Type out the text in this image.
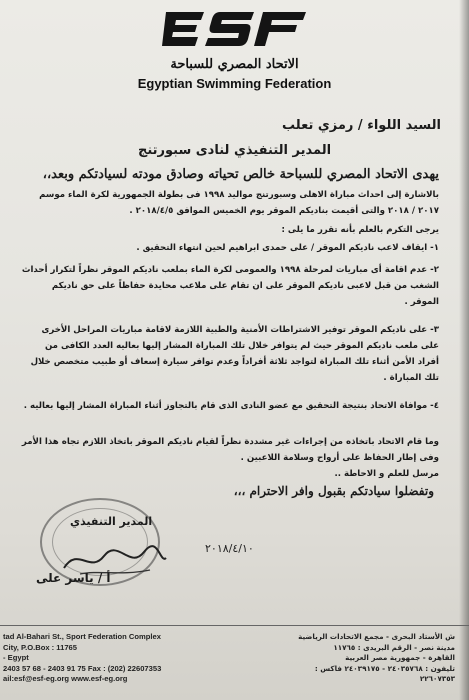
الاتحاد المصري للسباحة
Egyptian Swimming Federation
السيد اللواء / رمزي تعلب
المدير التنفيذي لنادى سبورتنج
يهدى الاتحاد المصري للسباحة خالص تحياته وصادق مودته لسيادتكم وبعد،،
بالاشارة إلى احداث مباراة الاهلى وسبورتنج مواليد ١٩٩٨ فى بطولة الجمهورية لكرة الماء موسم ٢٠١٧ / ٢٠١٨ والتى أقيمت بناديكم الموقر يوم الخميس الموافق ٢٠١٨/٤/٥ .
يرجى التكرم بالعلم بأنه تقرر ما يلى :
١- ايقاف لاعب ناديكم الموقر / على حمدى ابراهيم لحين انتهاء التحقيق .
٢- عدم اقامة أى مباريات لمرحلة ١٩٩٨ والعمومى لكرة الماء بملعب ناديكم الموقر نظراً لتكرار أحداث الشغب من قبل لاعبى ناديكم الموقر على ان تقام على ملاعب محايدة حفاظاً على حق ناديكم الموقر .
٣- على ناديكم الموقر توفير الاشتراطات الأمنية والطبية اللازمة لاقامة مباريات المراحل الأخرى على ملعب ناديكم الموقر حيث لم يتوافر خلال تلك المباراة المشار إليها بعاليه العدد الكافى من أفراد الأمن أثناء تلك المباراة لتواجد ثلاثة أفراداً وعدم توافر سيارة إسعاف أو طبيب متخصص خلال تلك المباراة .
٤- موافاة الاتحاد بنتيجة التحقيق مع عضو النادى الذى قام بالتجاوز أثناء المباراة المشار إليها بعاليه .
وما قام الاتحاد باتخاذه من إجراءات غير مشددة نظراً لقيام ناديكم الموقر باتخاذ اللازم تجاه هذا الأمر وفى إطار الحفاظ على أرواح وسلامة اللاعبين .
مرسل للعلم و الاحاطة ..
وتفضلوا سيادتكم بقبول وافر الاحترام ،،،
المدير التنفيذي
أ / ياسر على
٢٠١٨/٤/١٠
tad Al-Bahari St., Sport Federation Complex
City, P.O.Box : 11765
- Egypt
2403 57 68 - 2403 91 75 Fax : (202) 22607353
ail:esf@esf-eg.org www.esf-eg.org
ش الأستاد البحرى - مجمع الاتحادات الرياضية
مدينة نصر - الرقم البريدى : ١١٧٦٥
القاهرة - جمهورية مصر العربية
تليفون : ٢٤٠٣٥٧٦٨ - ٢٤٠٣٩١٧٥ فاكس :
٢٢٦٠٧٣٥٣
